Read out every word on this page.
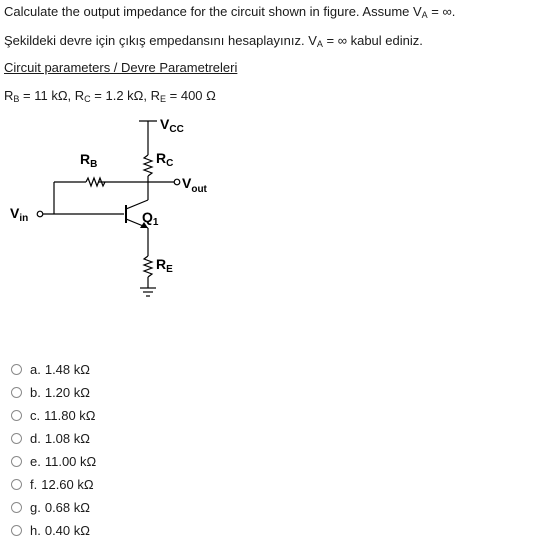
Calculate the output impedance for the circuit shown in figure. Assume $V_A$ = ∞.
Şekildeki devre için çıkış empedansını hesaplayınız. $V_A$ = ∞ kabul ediniz.
Circuit parameters / Devre Parametreleri
$R_B = 11$ kΩ, $R_C = 1.2$ kΩ, $R_E = 400$ Ω
$V_{CC}$
$R_B$	$R_C$
$V_{out}$
$V_{in}$	$Q_1$
$R_E$
a. 1.48 kΩ
b. 1.20 kΩ
c. 11.80 kΩ
d. 1.08 kΩ
e. 11.00 kΩ
f. 12.60 kΩ
g. 0.68 kΩ
h. 0.40 kΩ
